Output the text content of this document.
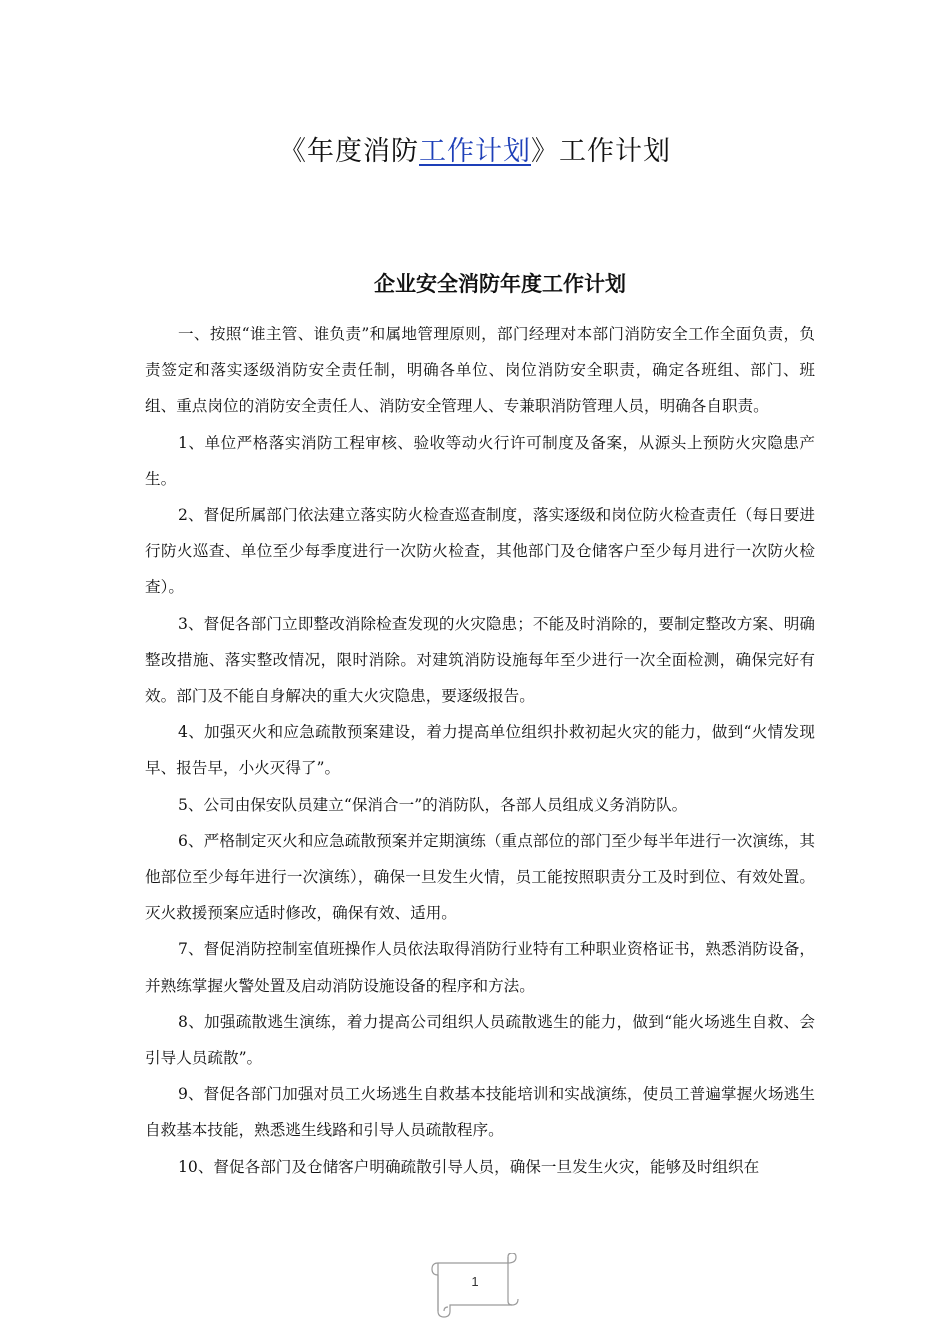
《年度消防工作计划》工作计划
企业安全消防年度工作计划

一、按照“谁主管、谁负责”和属地管理原则，部门经理对本部门消防安全工作全面负责，负责签定和落实逐级消防安全责任制，明确各单位、岗位消防安全职责，确定各班组、部门、班组、重点岗位的消防安全责任人、消防安全管理人、专兼职消防管理人员，明确各自职责。

1、单位严格落实消防工程审核、验收等动火行许可制度及备案，从源头上预防火灾隐患产生。

2、督促所属部门依法建立落实防火检查巡查制度，落实逐级和岗位防火检查责任（每日要进行防火巡查、单位至少每季度进行一次防火检查，其他部门及仓储客户至少每月进行一次防火检查）。

3、督促各部门立即整改消除检查发现的火灾隐患；不能及时消除的，要制定整改方案、明确整改措施、落实整改情况，限时消除。对建筑消防设施每年至少进行一次全面检测，确保完好有效。部门及不能自身解决的重大火灾隐患，要逐级报告。

4、加强灭火和应急疏散预案建设，着力提高单位组织扑救初起火灾的能力，做到“火情发现早、报告早，小火灭得了”。

5、公司由保安队员建立“保消合一”的消防队，各部人员组成义务消防队。

6、严格制定灭火和应急疏散预案并定期演练（重点部位的部门至少每半年进行一次演练，其他部位至少每年进行一次演练），确保一旦发生火情，员工能按照职责分工及时到位、有效处置。灭火救援预案应适时修改，确保有效、适用。

7、督促消防控制室值班操作人员依法取得消防行业特有工种职业资格证书，熟悉消防设备，并熟练掌握火警处置及启动消防设施设备的程序和方法。

8、加强疏散逃生演练，着力提高公司组织人员疏散逃生的能力，做到“能火场逃生自救、会引导人员疏散”。

9、督促各部门加强对员工火场逃生自救基本技能培训和实战演练，使员工普遍掌握火场逃生自救基本技能，熟悉逃生线路和引导人员疏散程序。

10、督促各部门及仓储客户明确疏散引导人员，确保一旦发生火灾，能够及时组织在

1
